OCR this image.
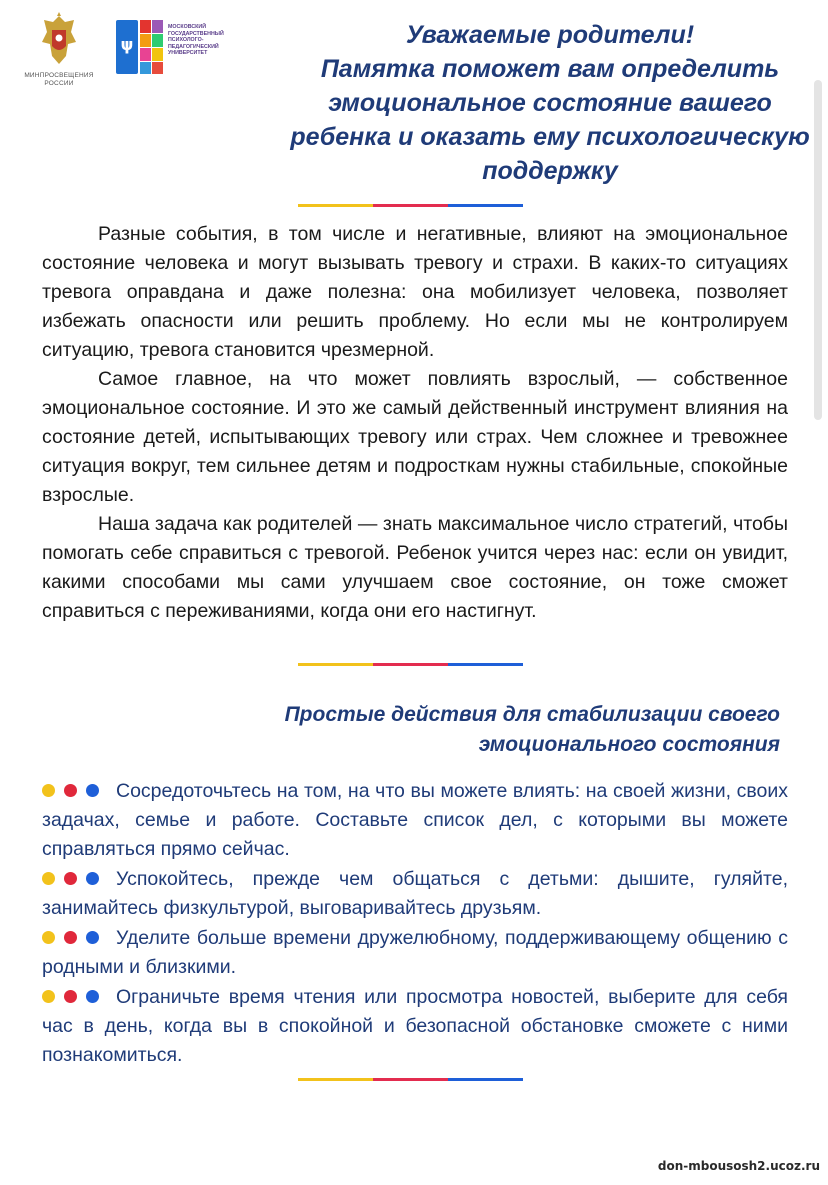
МИНПРОСВЕЩЕНИЯ
РОССИИ
ψ
МОСКОВСКИЙ
ГОСУДАРСТВЕННЫЙ
ПСИХОЛОГО-
ПЕДАГОГИЧЕСКИЙ
УНИВЕРСИТЕТ
Уважаемые родители!
Памятка поможет вам определить
эмоциональное состояние вашего
ребенка и оказать ему психологическую
поддержку

Разные события, в том числе и негативные, влияют на эмоциональное состояние человека и могут вызывать тревогу и страхи. В каких-то ситуациях тревога оправдана и даже полезна: она мобилизует человека, позволяет избежать опасности или решить проблему. Но если мы не контролируем ситуацию, тревога становится чрезмерной.

Самое главное, на что может повлиять взрослый, — собственное эмоциональное состояние. И это же самый действенный инструмент влияния на состояние детей, испытывающих тревогу или страх. Чем сложнее и тревожнее ситуация вокруг, тем сильнее детям и подросткам нужны стабильные, спокойные взрослые.

Наша задача как родителей — знать максимальное число стратегий, чтобы помогать себе справиться с тревогой. Ребенок учится через нас: если он увидит, какими способами мы сами улучшаем свое состояние, он тоже сможет справиться с переживаниями, когда они его настигнут.

Простые действия для стабилизации своего
эмоционального состояния

Сосредоточьтесь на том, на что вы можете влиять: на своей жизни, своих задачах, семье и работе. Составьте список дел, с которыми вы можете справляться прямо сейчас.

Успокойтесь, прежде чем общаться с детьми: дышите, гуляйте, занимайтесь физкультурой, выговаривайтесь друзьям.

Уделите больше времени дружелюбному, поддерживающему общению с родными и близкими.

Ограничьте время чтения или просмотра новостей, выберите для себя час в день, когда вы в спокойной и безопасной обстановке сможете с ними познакомиться.

don-mbousosh2.ucoz.ru
